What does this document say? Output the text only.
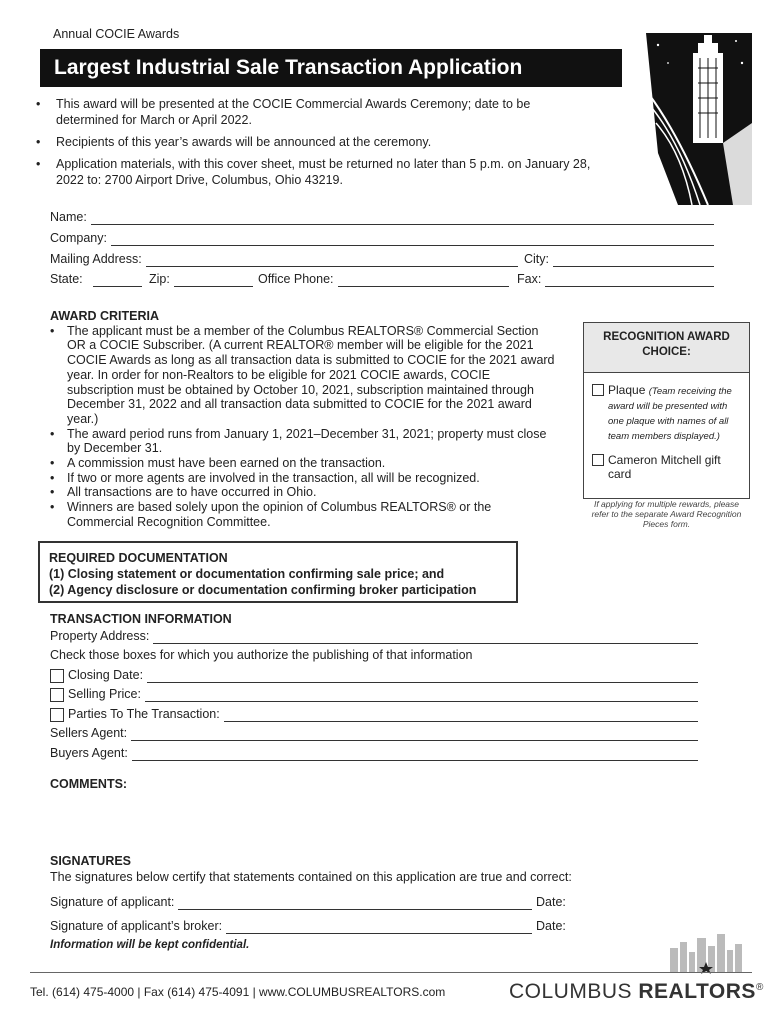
Annual COCIE Awards
Largest Industrial Sale Transaction Application
• This award will be presented at the COCIE Commercial Awards Ceremony; date to be determined for March or April 2022.
• Recipients of this year’s awards will be announced at the ceremony.
• Application materials, with this cover sheet, must be returned no later than 5 p.m. on January 28, 2022 to: 2700 Airport Drive, Columbus, Ohio 43219.
Name:
Company:
Mailing Address:	City:
State:	Zip:	Office Phone:	Fax:
AWARD CRITERIA
• The applicant must be a member of the Columbus REALTORS® Commercial Section OR a COCIE Subscriber. (A current REALTOR® member will be eligible for the 2021 COCIE Awards as long as all transaction data is submitted to COCIE for the 2021 award year. In order for non-Realtors to be eligible for 2021 COCIE awards, COCIE subscription must be obtained by October 10, 2021, subscription maintained through December 31, 2022 and all transaction data submitted to COCIE for the 2021 award year.)
• The award period runs from January 1, 2021–December 31, 2021; property must close by December 31.
• A commission must have been earned on the transaction.
• If two or more agents are involved in the transaction, all will be recognized.
• All transactions are to have occurred in Ohio.
• Winners are based solely upon the opinion of Columbus REALTORS® or the Commercial Recognition Committee.
RECOGNITION AWARD CHOICE:
Plaque (Team receiving the award will be presented with one plaque with names of all team members displayed.)
Cameron Mitchell gift card
If applying for multiple rewards, please refer to the separate Award Recognition Pieces form.
REQUIRED DOCUMENTATION
(1) Closing statement or documentation confirming sale price; and
(2) Agency disclosure or documentation confirming broker participation
TRANSACTION INFORMATION
Property Address:
Check those boxes for which you authorize the publishing of that information
Closing Date:
Selling Price:
Parties To The Transaction:
Sellers Agent:
Buyers Agent:
COMMENTS:
SIGNATURES
The signatures below certify that statements contained on this application are true and correct:
Signature of applicant:	Date:
Signature of applicant’s broker:	Date:
Information will be kept confidential.
Tel. (614) 475-4000 | Fax (614) 475-4091 | www.COLUMBUSREALTORS.com	COLUMBUS REALTORS®
